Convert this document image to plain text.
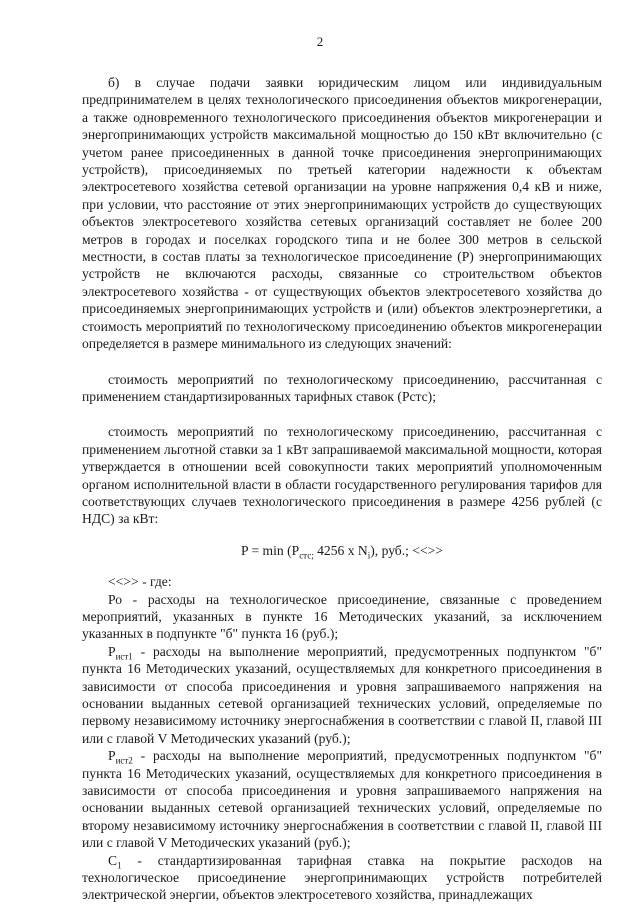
2

б) в случае подачи заявки юридическим лицом или индивидуальным предпринимателем в целях технологического присоединения объектов микрогенерации, а также одновременного технологического присоединения объектов микрогенерации и энергопринимающих устройств максимальной мощностью до 150 кВт включительно (с учетом ранее присоединенных в данной точке присоединения энергопринимающих устройств), присоединяемых по третьей категории надежности к объектам электросетевого хозяйства сетевой организации на уровне напряжения 0,4 кВ и ниже, при условии, что расстояние от этих энергопринимающих устройств до существующих объектов электросетевого хозяйства сетевых организаций составляет не более 200 метров в городах и поселках городского типа и не более 300 метров в сельской местности, в состав платы за технологическое присоединение (P) энергопринимающих устройств не включаются расходы, связанные со строительством объектов электросетевого хозяйства - от существующих объектов электросетевого хозяйства до присоединяемых энергопринимающих устройств и (или) объектов электроэнергетики, а стоимость мероприятий по технологическому присоединению объектов микрогенерации определяется в размере минимального из следующих значений:

стоимость мероприятий по технологическому присоединению, рассчитанная с применением стандартизированных тарифных ставок (Pстс);

стоимость мероприятий по технологическому присоединению, рассчитанная с применением льготной ставки за 1 кВт запрашиваемой максимальной мощности, которая утверждается в отношении всей совокупности таких мероприятий уполномоченным органом исполнительной власти в области государственного регулирования тарифов для соответствующих случаев технологического присоединения в размере 4256 рублей (с НДС) за кВт:

$P = \min (P_{стс;}$ 4256 x $N_i$), руб.; <<>>

<<>> - где:

Ро - расходы на технологическое присоединение, связанные с проведением мероприятий, указанных в пункте 16 Методических указаний, за исключением указанных в подпункте "б" пункта 16 (руб.);

$P_{ист1}$ - расходы на выполнение мероприятий, предусмотренных подпунктом "б" пункта 16 Методических указаний, осуществляемых для конкретного присоединения в зависимости от способа присоединения и уровня запрашиваемого напряжения на основании выданных сетевой организацией технических условий, определяемые по первому независимому источнику энергоснабжения в соответствии с главой II, главой III или с главой V Методических указаний (руб.);

$P_{ист2}$ - расходы на выполнение мероприятий, предусмотренных подпунктом "б" пункта 16 Методических указаний, осуществляемых для конкретного присоединения в зависимости от способа присоединения и уровня запрашиваемого напряжения на основании выданных сетевой организацией технических условий, определяемые по второму независимому источнику энергоснабжения в соответствии с главой II, главой III или с главой V Методических указаний (руб.);

$C_1$ - стандартизированная тарифная ставка на покрытие расходов на технологическое присоединение энергопринимающих устройств потребителей электрической энергии, объектов электросетевого хозяйства, принадлежащих
